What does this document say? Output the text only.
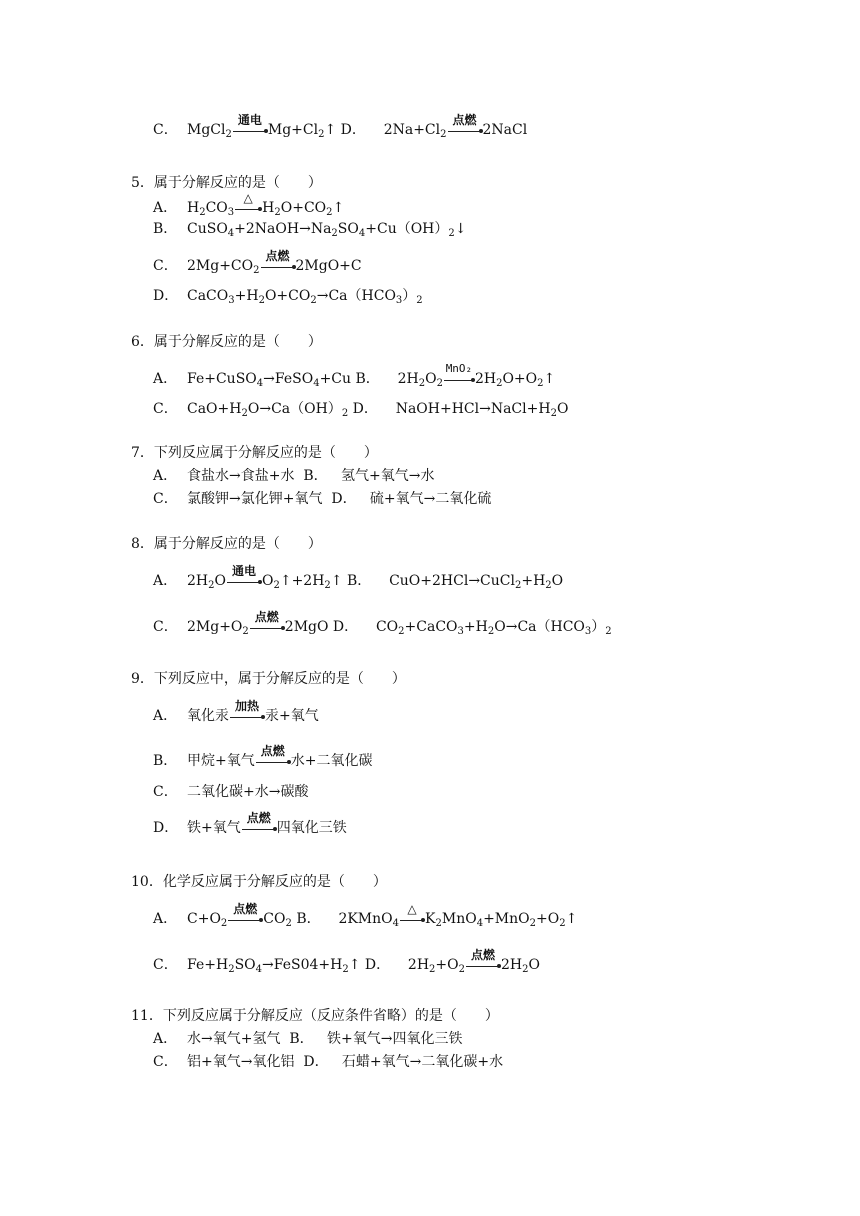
C． MgCl$_2$
通电
$Mg+Cl_2↑$ D． $2Na+Cl_2$
点燃
2NaCl
5．属于分解反应的是（　　）
A． $H_2CO_3$
△
$H_2O+CO_2↑$
B． $CuSO_4+2NaOH\to Na_2SO_4+Cu(OH)_2↓$
C． $2Mg+CO_2$
点燃
2MgO+C
D． $CaCO_3+H_2O+CO_2\to Ca(HCO_3)_2$
6．属于分解反应的是（　　）
A． Fe+CuSO$_4$→FeSO$_4$+Cu B． $2H_2O_2$
MnO₂
$2H_2O+O_2↑$
C． $CaO+H_2O\to Ca(OH)_2$ D． $NaOH+HCl\to NaCl+H_2O$
7．下列反应属于分解反应的是（　　）
A． 食盐水→食盐+水  B．   氢气+氧气→水
C． 氯酸钾→氯化钾+氧气  D．   硫+氧气→二氧化硫
8．属于分解反应的是（　　）
A． $2H_2O$
通电
$O_2↑+2H_2↑$ B． $CuO+2HCl\to CuCl_2+H_2O$
C． $2Mg+O_2$
点燃
2MgO D． $CO_2+CaCO_3+H_2O\to Ca(HCO_3)_2$
9．下列反应中，属于分解反应的是（　　）
A． 氧化汞
加热
汞+氧气
B． 甲烷+氧气
点燃
水+二氧化碳
C． 二氧化碳+水→碳酸
D． 铁+氧气
点燃
四氧化三铁
10．化学反应属于分解反应的是（　　）
A． $C+O_2$
点燃
$CO_2$ B． 2KMnO$_4$
△
$K_2MnO_4+MnO_2+O_2↑$
C． $Fe+H_2SO_4\to FeS04+H_2↑$ D． $2H_2+O_2$
点燃
$2H_2O$
11．下列反应属于分解反应（反应条件省略）的是（　　）
A． 水→氧气+氢气  B．   铁+氧气→四氧化三铁
C． 铝+氧气→氧化铝  D．   石蜡+氧气→二氧化碳+水
